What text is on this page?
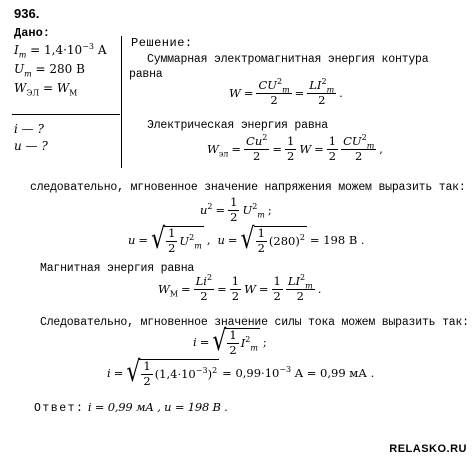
936.
Дано:
$I_m = 1,4\cdot 10^{-3}$ A
$U_m = 280$ B
$W_{ЭЛ} = W_M$
i — ?
u — ?
Решение:
Суммарная электромагнитная энергия контура
равна
$W = \frac{CU^2_m}{2} = \frac{LI^2_m}{2}$ .
Электрическая энергия равна
$W_{эл} = \frac{Cu^2}{2} = \frac{1}{2}$ $W = \frac{1}{2} \frac{CU^2_m}{2}$ ,
следовательно, мгновенное значение напряжения можем выразить так:
$u^2 = \frac{1}{2} U^2_m$ ;
u = √ $\frac{1}{2} U^2_m$ , u = √ $\frac{1}{2} (280)^2 = 198$ B .
Магнитная энергия равна
$W_М = \frac{Li^2}{2} = \frac{1}{2}$ $W = \frac{1}{2} \frac{LI^2_m}{2}$ .
Следовательно, мгновенное значение силы тока можем выразить так:
i = √ $\frac{1}{2} I^2_m$ ;
i = √ $\frac{1}{2} (1,4\cdot 10^{-3})^2 = 0,99\cdot 10^{-3}$ A = 0,99 мА .
Ответ: i = 0,99 мА , u = 198 B .
RELASKO.RU
